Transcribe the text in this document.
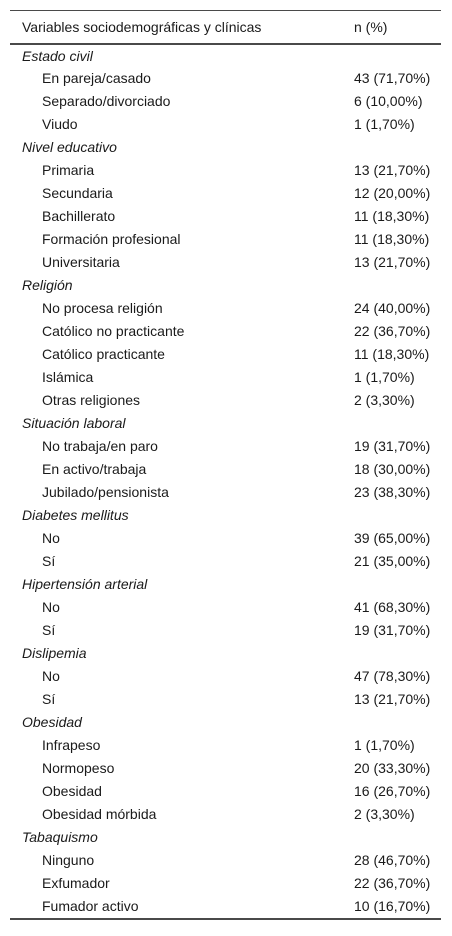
Variables sociodemográficas y clínicas	n (%)
Estado civil	
En pareja/casado	43 (71,70%)
Separado/divorciado	6 (10,00%)
Viudo	1 (1,70%)
Nivel educativo	
Primaria	13 (21,70%)
Secundaria	12 (20,00%)
Bachillerato	11 (18,30%)
Formación profesional	11 (18,30%)
Universitaria	13 (21,70%)
Religión	
No procesa religión	24 (40,00%)
Católico no practicante	22 (36,70%)
Católico practicante	11 (18,30%)
Islámica	1 (1,70%)
Otras religiones	2 (3,30%)
Situación laboral	
No trabaja/en paro	19 (31,70%)
En activo/trabaja	18 (30,00%)
Jubilado/pensionista	23 (38,30%)
Diabetes mellitus	
No	39 (65,00%)
Sí	21 (35,00%)
Hipertensión arterial	
No	41 (68,30%)
Sí	19 (31,70%)
Dislipemia	
No	47 (78,30%)
Sí	13 (21,70%)
Obesidad	
Infrapeso	1 (1,70%)
Normopeso	20 (33,30%)
Obesidad	16 (26,70%)
Obesidad mórbida	2 (3,30%)
Tabaquismo	
Ninguno	28 (46,70%)
Exfumador	22 (36,70%)
Fumador activo	10 (16,70%)
